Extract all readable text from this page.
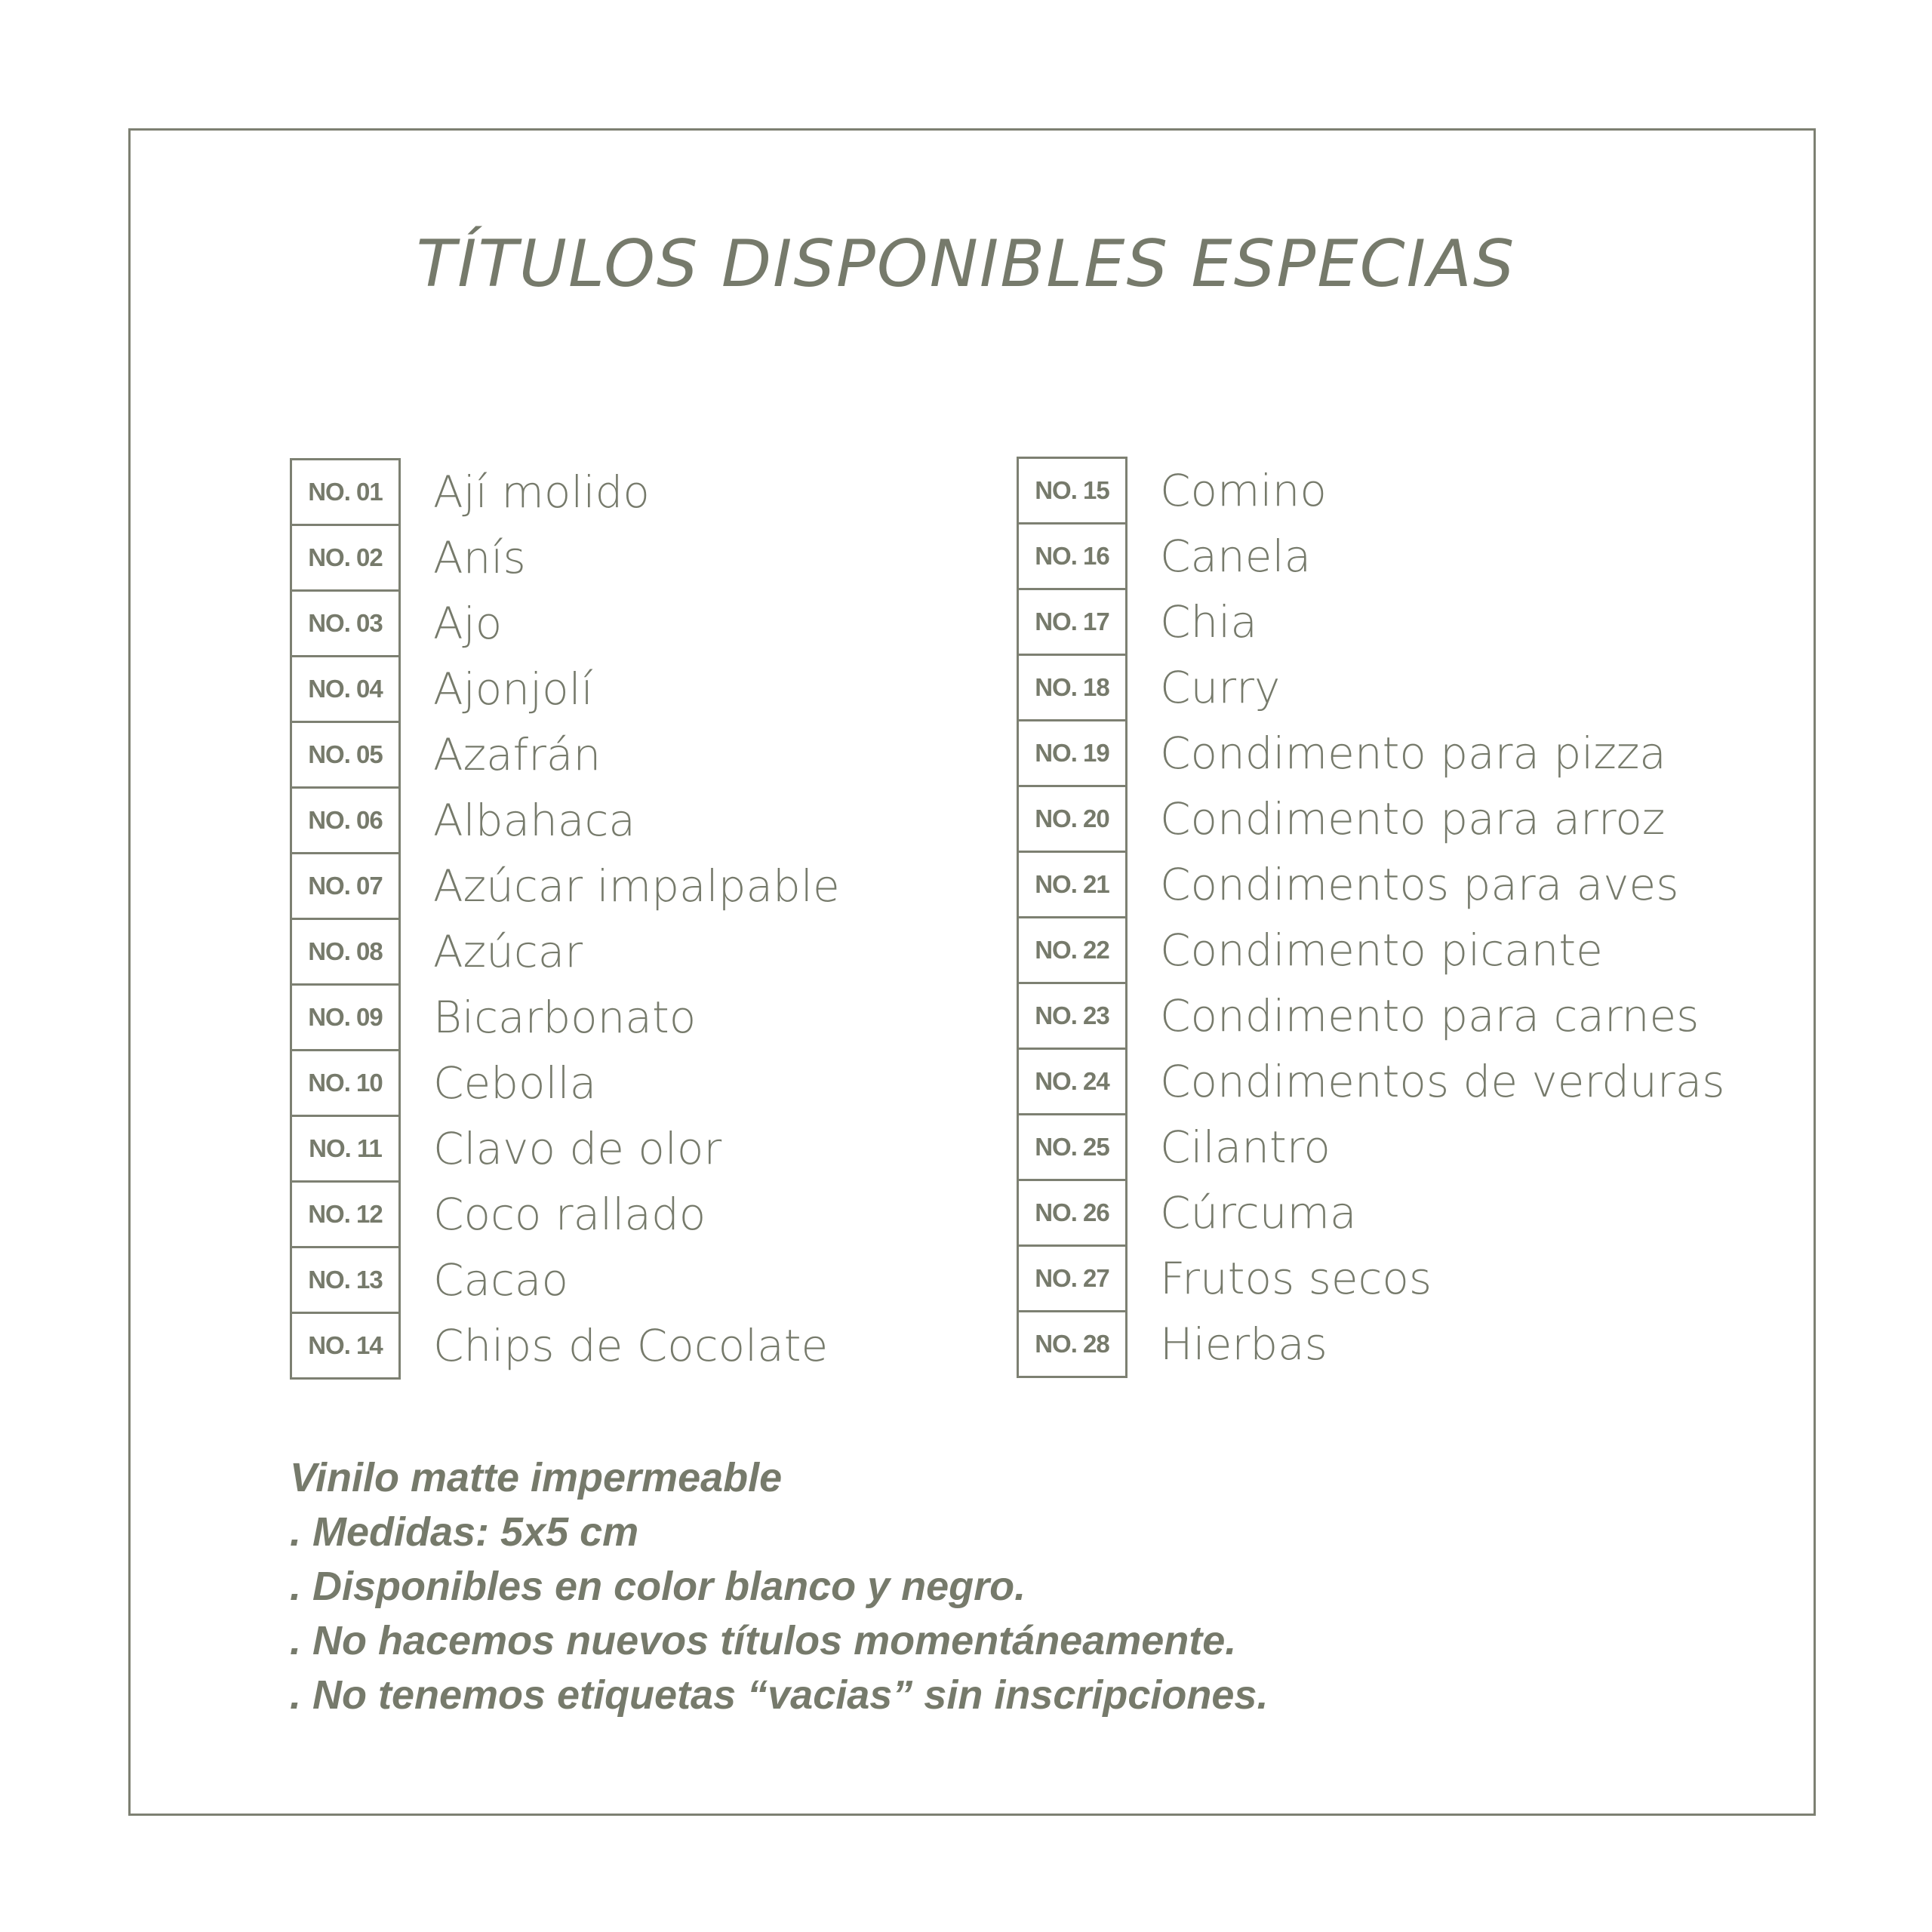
TÍTULOS DISPONIBLES ESPECIAS
NO. 01	Ají molido
NO. 02	Anís
NO. 03	Ajo
NO. 04	Ajonjolí
NO. 05	Azafrán
NO. 06	Albahaca
NO. 07	Azúcar impalpable
NO. 08	Azúcar
NO. 09	Bicarbonato
NO. 10	Cebolla
NO. 11	Clavo de olor
NO. 12	Coco rallado
NO. 13	Cacao
NO. 14	Chips de Cocolate
NO. 15	Comino
NO. 16	Canela
NO. 17	Chia
NO. 18	Curry
NO. 19	Condimento para pizza
NO. 20	Condimento para arroz
NO. 21	Condimentos para aves
NO. 22	Condimento picante
NO. 23	Condimento para carnes
NO. 24	Condimentos de verduras
NO. 25	Cilantro
NO. 26	Cúrcuma
NO. 27	Frutos secos
NO. 28	Hierbas
Vinilo matte impermeable
. Medidas: 5x5 cm
. Disponibles en color blanco y negro.
. No hacemos nuevos títulos momentáneamente.
. No tenemos etiquetas “vacias” sin inscripciones.
